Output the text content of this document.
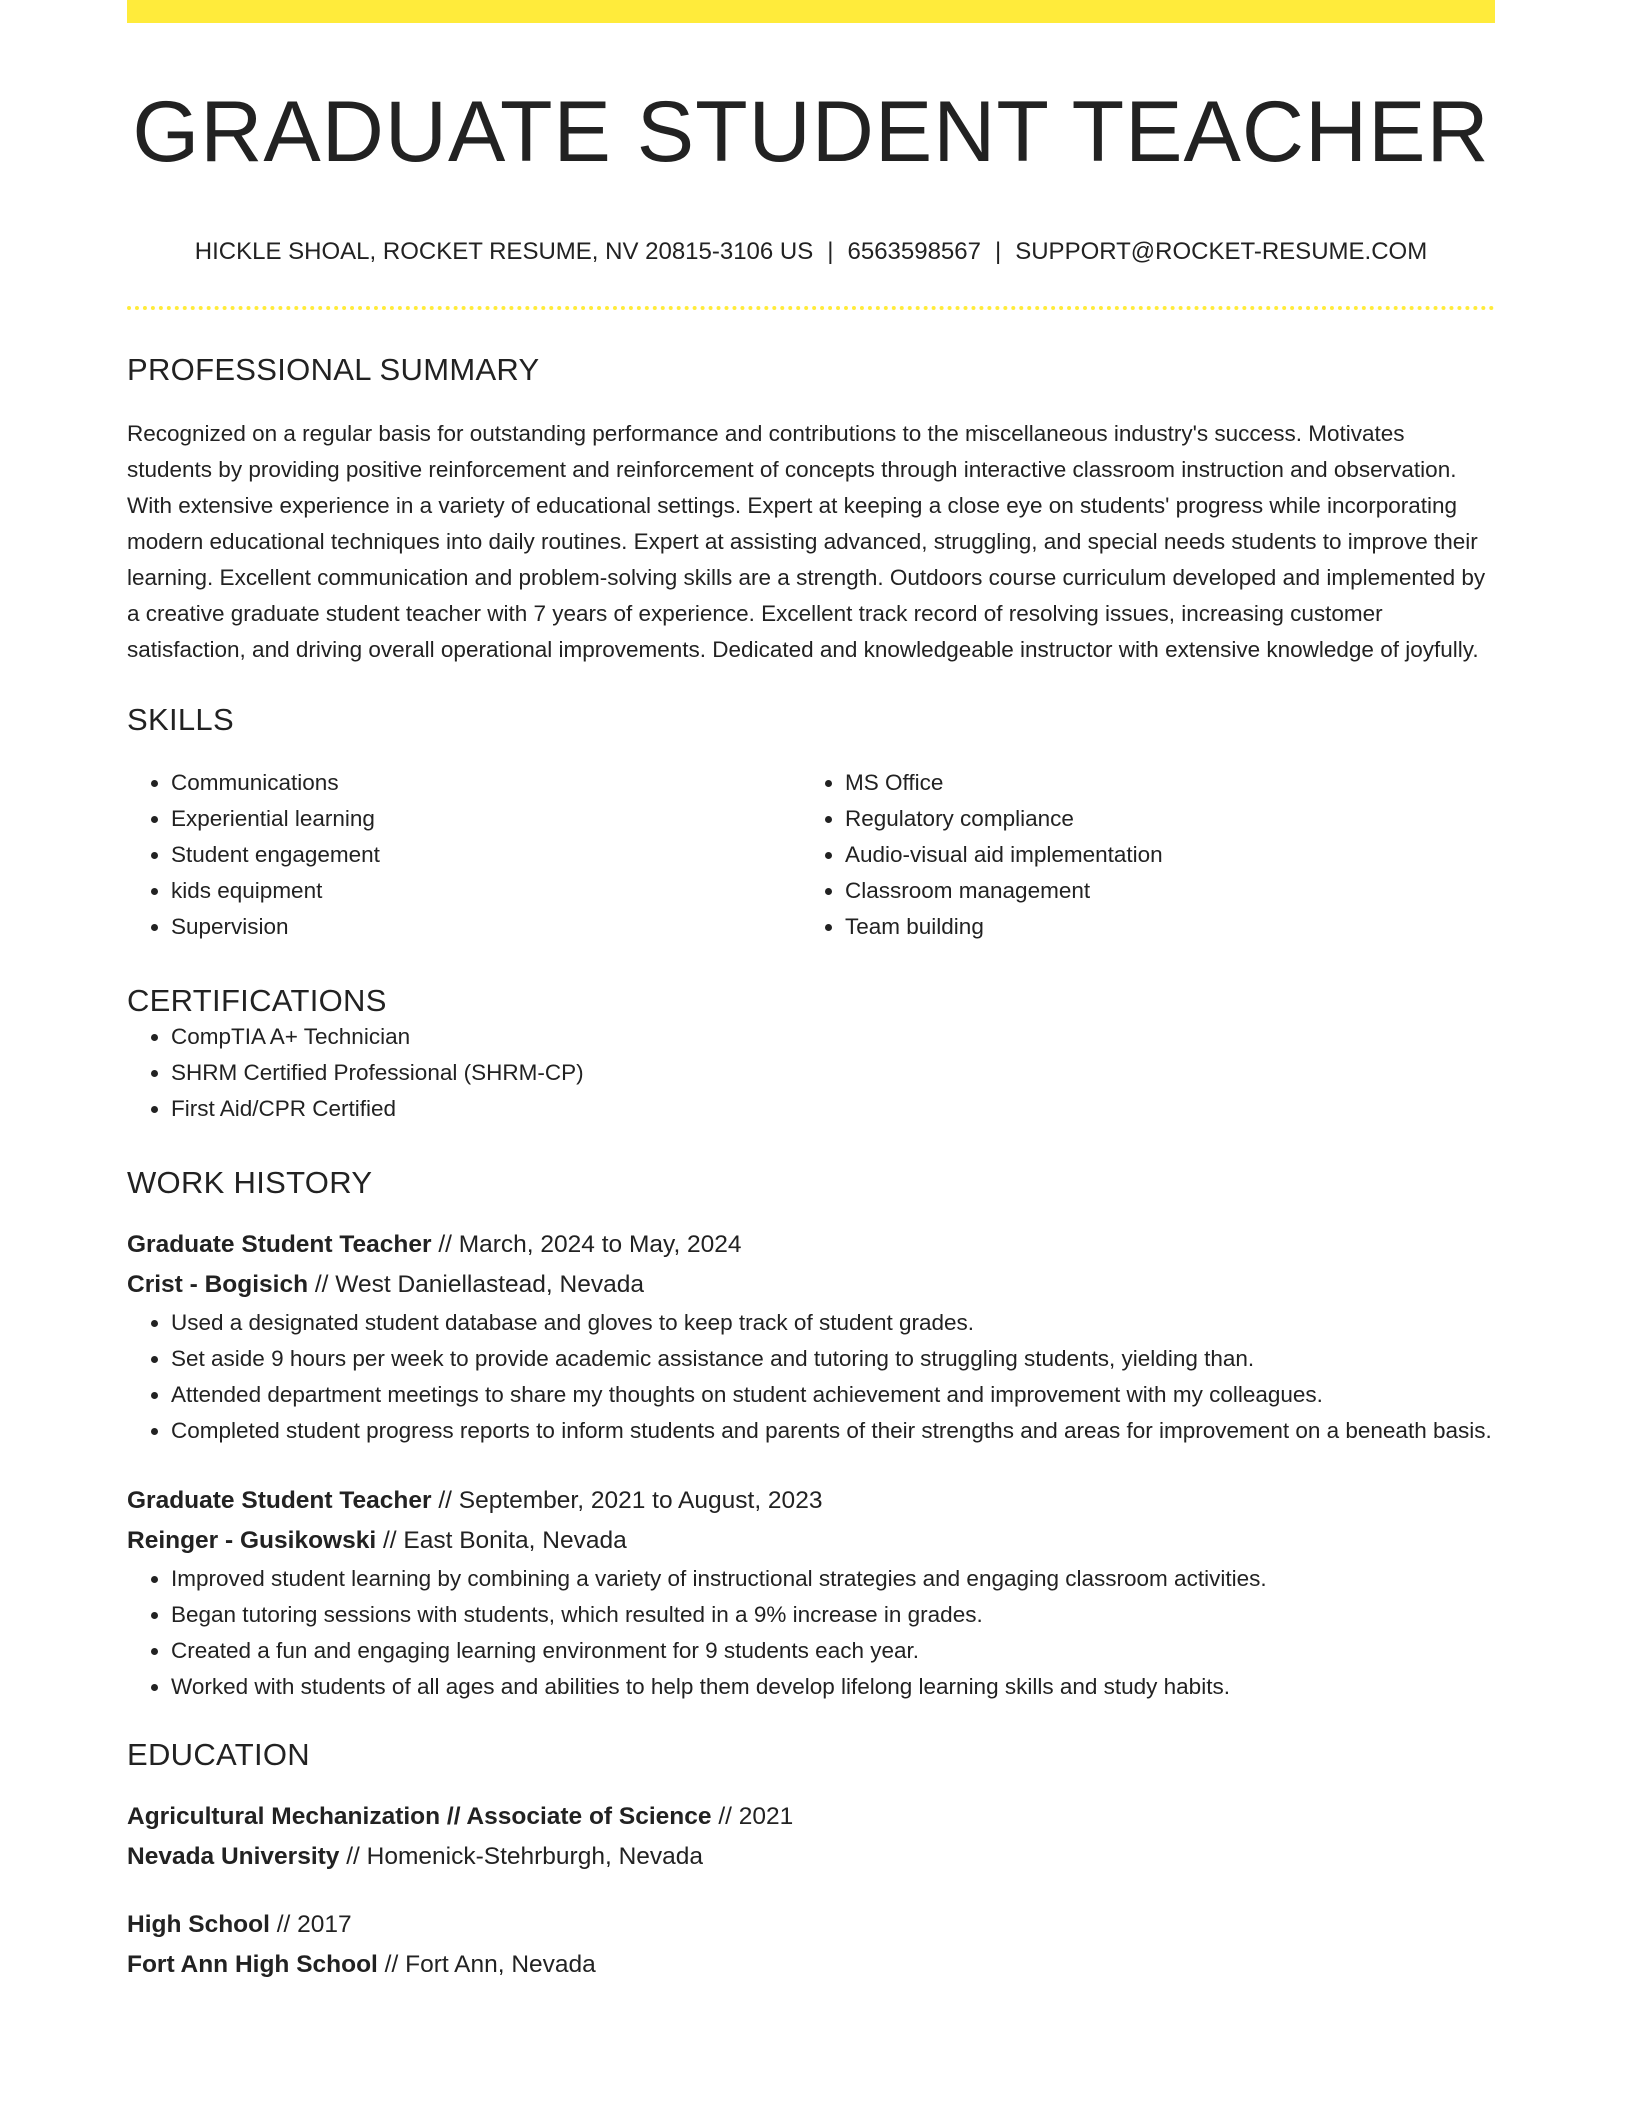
GRADUATE STUDENT TEACHER
HICKLE SHOAL, ROCKET RESUME, NV 20815-3106 US | 6563598567 | SUPPORT@ROCKET-RESUME.COM
PROFESSIONAL SUMMARY

Recognized on a regular basis for outstanding performance and contributions to the miscellaneous industry's success. Motivates students by providing positive reinforcement and reinforcement of concepts through interactive classroom instruction and observation. With extensive experience in a variety of educational settings. Expert at keeping a close eye on students' progress while incorporating modern educational techniques into daily routines. Expert at assisting advanced, struggling, and special needs students to improve their learning. Excellent communication and problem-solving skills are a strength. Outdoors course curriculum developed and implemented by a creative graduate student teacher with 7 years of experience. Excellent track record of resolving issues, increasing customer satisfaction, and driving overall operational improvements. Dedicated and knowledgeable instructor with extensive knowledge of joyfully.

SKILLS
• Communications
• Experiential learning
• Student engagement
• kids equipment
• Supervision
• MS Office
• Regulatory compliance
• Audio-visual aid implementation
• Classroom management
• Team building
CERTIFICATIONS
• CompTIA A+ Technician
• SHRM Certified Professional (SHRM-CP)
• First Aid/CPR Certified
WORK HISTORY
Graduate Student Teacher // March, 2024 to May, 2024
Crist - Bogisich // West Daniellastead, Nevada
• Used a designated student database and gloves to keep track of student grades.
• Set aside 9 hours per week to provide academic assistance and tutoring to struggling students, yielding than.
• Attended department meetings to share my thoughts on student achievement and improvement with my colleagues.
• Completed student progress reports to inform students and parents of their strengths and areas for improvement on a beneath basis.
Graduate Student Teacher // September, 2021 to August, 2023
Reinger - Gusikowski // East Bonita, Nevada
• Improved student learning by combining a variety of instructional strategies and engaging classroom activities.
• Began tutoring sessions with students, which resulted in a 9% increase in grades.
• Created a fun and engaging learning environment for 9 students each year.
• Worked with students of all ages and abilities to help them develop lifelong learning skills and study habits.
EDUCATION
Agricultural Mechanization // Associate of Science // 2021
Nevada University // Homenick-Stehrburgh, Nevada
High School // 2017
Fort Ann High School // Fort Ann, Nevada
